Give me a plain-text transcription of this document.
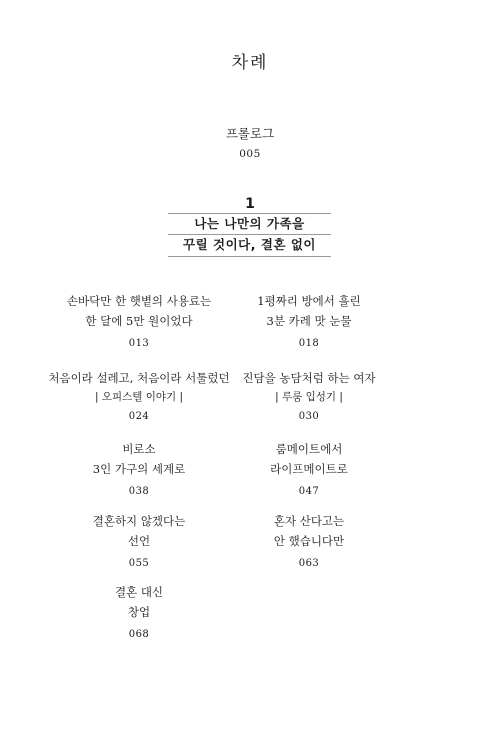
차례
프롤로그
005
1
나는 나만의 가족을
꾸릴 것이다, 결혼 없이
손바닥만 한 햇볕의 사용료는
한 달에 5만 원이었다
013
1평짜리 방에서 흘린
3분 카레 맛 눈물
018
처음이라 설레고, 처음이라 서툴렀던
| 오피스텔 이야기 |
024
진담을 농담처럼 하는 여자
| 루룸 입성기 |
030
비로소
3인 가구의 세계로
038
룸메이트에서
라이프메이트로
047
결혼하지 않겠다는
선언
055
혼자 산다고는
안 했습니다만
063
결혼 대신
창업
068
